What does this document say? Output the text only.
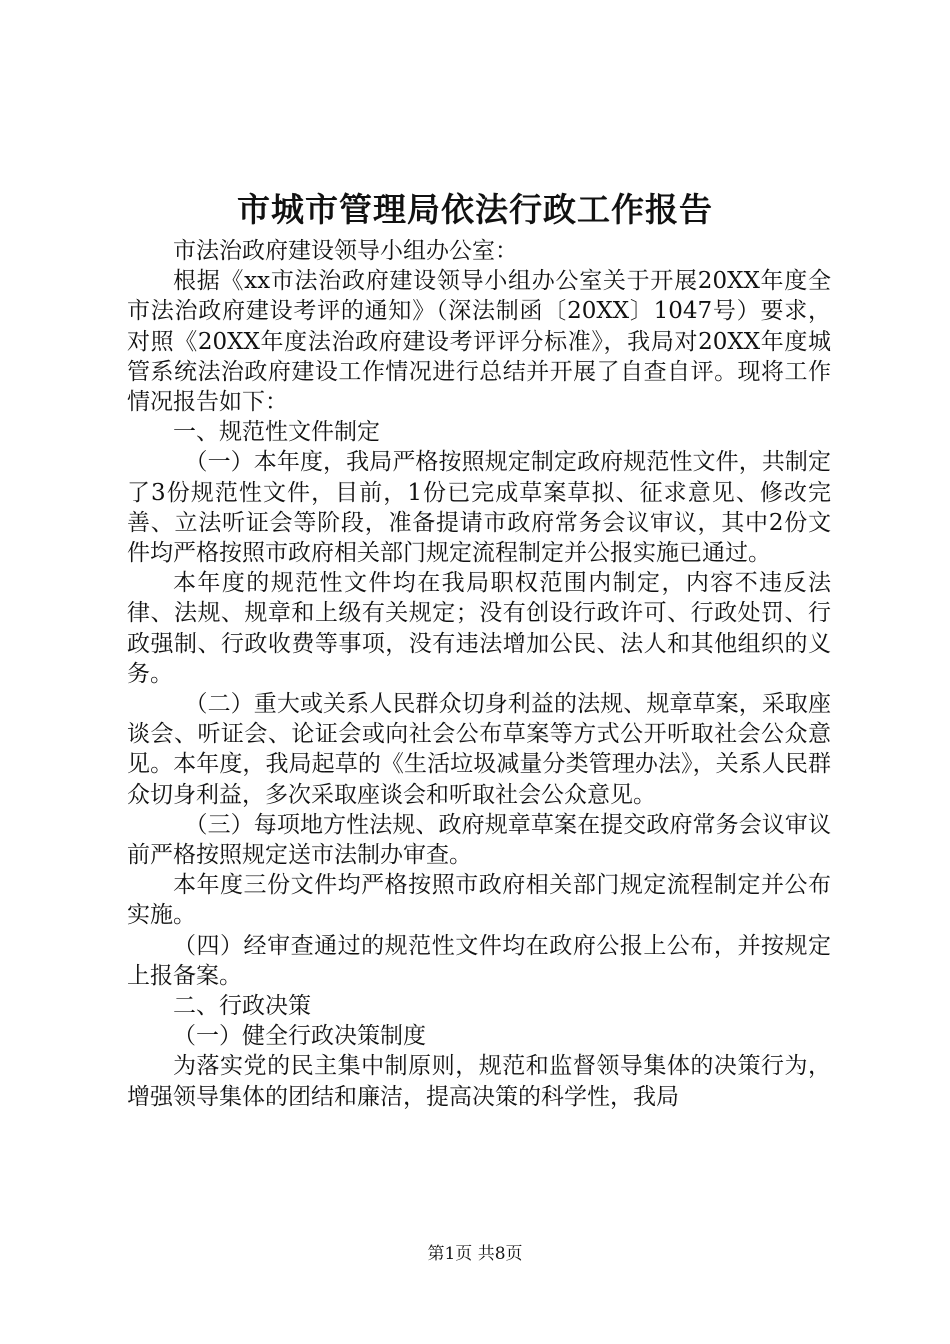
市城市管理局依法行政工作报告

市法治政府建设领导小组办公室：

根据《xx市法治政府建设领导小组办公室关于开展20XX年度全市法治政府建设考评的通知》（深法制函〔20XX〕1047号）要求，对照《20XX年度法治政府建设考评评分标准》，我局对20XX年度城管系统法治政府建设工作情况进行总结并开展了自查自评。现将工作情况报告如下：

一、规范性文件制定

（一）本年度，我局严格按照规定制定政府规范性文件，共制定了3份规范性文件，目前，1份已完成草案草拟、征求意见、修改完善、立法听证会等阶段，准备提请市政府常务会议审议，其中2份文件均严格按照市政府相关部门规定流程制定并公报实施已通过。

本年度的规范性文件均在我局职权范围内制定，内容不违反法律、法规、规章和上级有关规定；没有创设行政许可、行政处罚、行政强制、行政收费等事项，没有违法增加公民、法人和其他组织的义务。

（二）重大或关系人民群众切身利益的法规、规章草案，采取座谈会、听证会、论证会或向社会公布草案等方式公开听取社会公众意见。本年度，我局起草的《生活垃圾减量分类管理办法》，关系人民群众切身利益，多次采取座谈会和听取社会公众意见。

（三）每项地方性法规、政府规章草案在提交政府常务会议审议前严格按照规定送市法制办审查。

本年度三份文件均严格按照市政府相关部门规定流程制定并公布实施。

（四）经审查通过的规范性文件均在政府公报上公布，并按规定上报备案。

二、行政决策

（一）健全行政决策制度

为落实党的民主集中制原则，规范和监督领导集体的决策行为，增强领导集体的团结和廉洁，提高决策的科学性，我局

第1页 共8页
